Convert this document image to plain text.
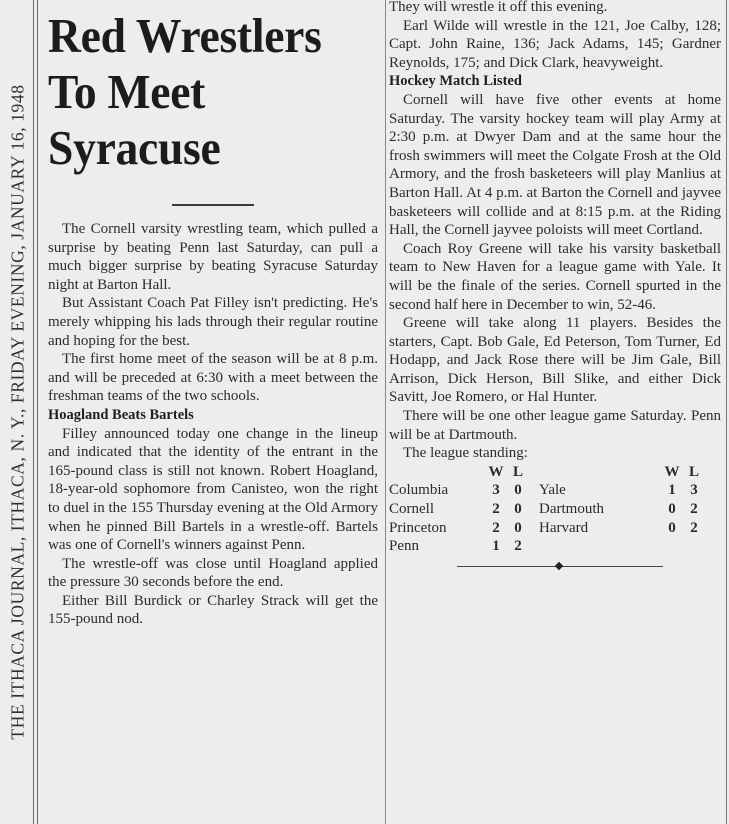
THE ITHACA JOURNAL, ITHACA, N. Y., FRIDAY EVENING, JANUARY 16, 1948
Red Wrestlers
To Meet
Syracuse

The Cornell varsity wrestling team, which pulled a surprise by beating Penn last Saturday, can pull a much bigger surprise by beating Syracuse Saturday night at Barton Hall.

But Assistant Coach Pat Filley isn't predicting. He's merely whipping his lads through their regular routine and hoping for the best.

The first home meet of the season will be at 8 p.m. and will be preceded at 6:30 with a meet between the freshman teams of the two schools.

Hoagland Beats Bartels

Filley announced today one change in the lineup and indicated that the identity of the entrant in the 165-pound class is still not known. Robert Hoagland, 18-year-old sophomore from Canisteo, won the right to duel in the 155 Thursday evening at the Old Armory when he pinned Bill Bartels in a wrestle-off. Bartels was one of Cornell's winners against Penn.

The wrestle-off was close until Hoagland applied the pressure 30 seconds before the end.

Either Bill Burdick or Charley Strack will get the 155-pound nod.

They will wrestle it off this evening.

Earl Wilde will wrestle in the 121, Joe Calby, 128; Capt. John Raine, 136; Jack Adams, 145; Gardner Reynolds, 175; and Dick Clark, heavyweight.

Hockey Match Listed

Cornell will have five other events at home Saturday. The varsity hockey team will play Army at 2:30 p.m. at Dwyer Dam and at the same hour the frosh swimmers will meet the Colgate Frosh at the Old Armory, and the frosh basketeers will play Manlius at Barton Hall. At 4 p.m. at Barton the Cornell and jayvee basketeers will collide and at 8:15 p.m. at the Riding Hall, the Cornell jayvee poloists will meet Cortland.

Coach Roy Greene will take his varsity basketball team to New Haven for a league game with Yale. It will be the finale of the series. Cornell spurted in the second half here in December to win, 52-46.

Greene will take along 11 players. Besides the starters, Capt. Bob Gale, Ed Peterson, Tom Turner, Ed Hodapp, and Jack Rose there will be Jim Gale, Bill Arrison, Dick Herson, Bill Slike, and either Dick Savitt, Joe Romero, or Hal Hunter.

There will be one other league game Saturday. Penn will be at Dartmouth.

The league standing:

	W	L		W	L
Columbia	3	0	Yale	1	3
Cornell	2	0	Dartmouth	0	2
Princeton	2	0	Harvard	0	2
Penn	1	2			
